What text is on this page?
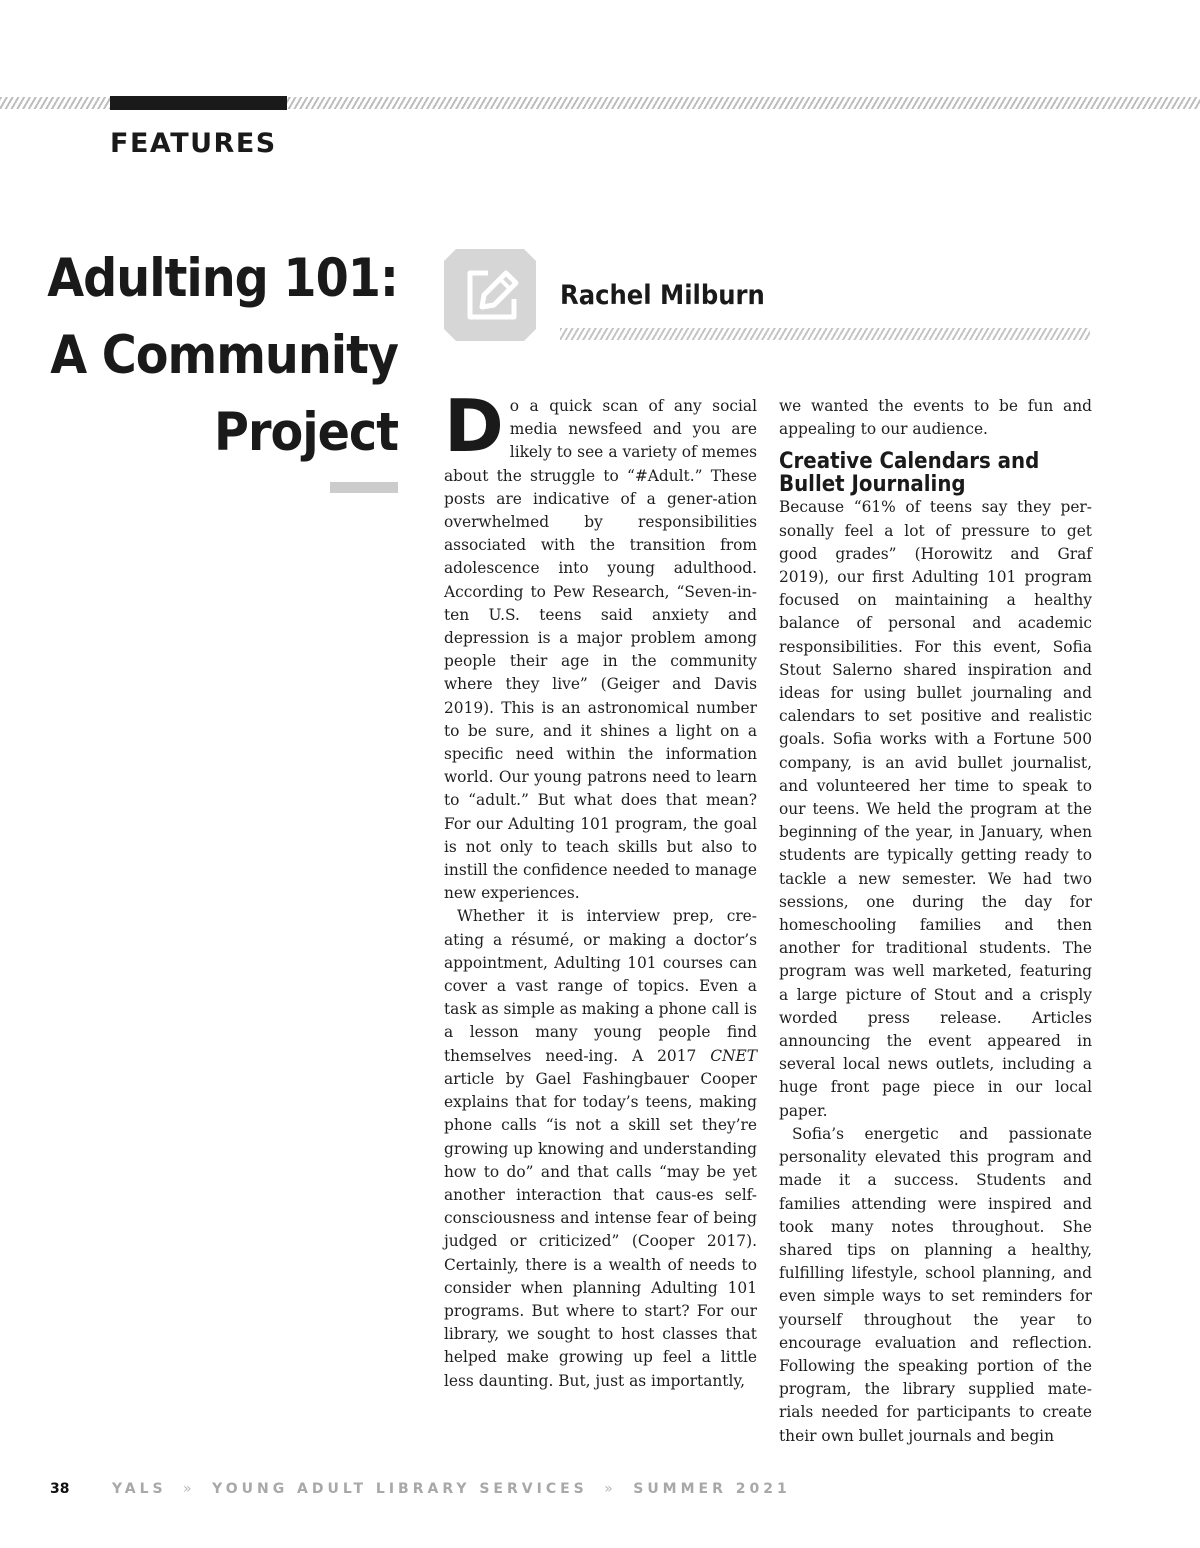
FEATURES
Adulting 101:
A Community
Project
Rachel Milburn

Do a quick scan of any social media newsfeed and you are likely to see a variety of memes about the struggle to “#Adult.” These posts are indicative of a gener-ation overwhelmed by responsibilities associated with the transition from adolescence into young adulthood. According to Pew Research, “Seven-in-ten U.S. teens said anxiety and depression is a major problem among people their age in the community where they live” (Geiger and Davis 2019). This is an astronomical number to be sure, and it shines a light on a specific need within the information world. Our young patrons need to learn to “adult.” But what does that mean? For our Adulting 101 program, the goal is not only to teach skills but also to instill the confidence needed to manage new experiences.

Whether it is interview prep, cre-ating a résumé, or making a doctor’s appointment, Adulting 101 courses can cover a vast range of topics. Even a task as simple as making a phone call is a lesson many young people find themselves need-ing. A 2017 CNET article by Gael Fashingbauer Cooper explains that for today’s teens, making phone calls “is not a skill set they’re growing up knowing and understanding how to do” and that calls “may be yet another interaction that caus-es self-consciousness and intense fear of being judged or criticized” (Cooper 2017). Certainly, there is a wealth of needs to consider when planning Adulting 101 programs. But where to start? For our library, we sought to host classes that helped make growing up feel a little less daunting. But, just as importantly,

we wanted the events to be fun and appealing to our audience.

Creative Calendars and Bullet Journaling

Because “61% of teens say they per-sonally feel a lot of pressure to get good grades” (Horowitz and Graf 2019), our first Adulting 101 program focused on maintaining a healthy balance of personal and academic responsibilities. For this event, Sofia Stout Salerno shared inspiration and ideas for using bullet journaling and calendars to set positive and realistic goals. Sofia works with a Fortune 500 company, is an avid bullet journalist, and volunteered her time to speak to our teens. We held the program at the beginning of the year, in January, when students are typically getting ready to tackle a new semester. We had two sessions, one during the day for homeschooling families and then another for traditional students. The program was well marketed, featuring a large picture of Stout and a crisply worded press release. Articles announcing the event appeared in several local news outlets, including a huge front page piece in our local paper.

Sofia’s energetic and passionate personality elevated this program and made it a success. Students and families attending were inspired and took many notes throughout. She shared tips on planning a healthy, fulfilling lifestyle, school planning, and even simple ways to set reminders for yourself throughout the year to encourage evaluation and reflection. Following the speaking portion of the program, the library supplied mate-rials needed for participants to create their own bullet journals and begin

38	YALS » YOUNG ADULT LIBRARY SERVICES » SUMMER 2021
